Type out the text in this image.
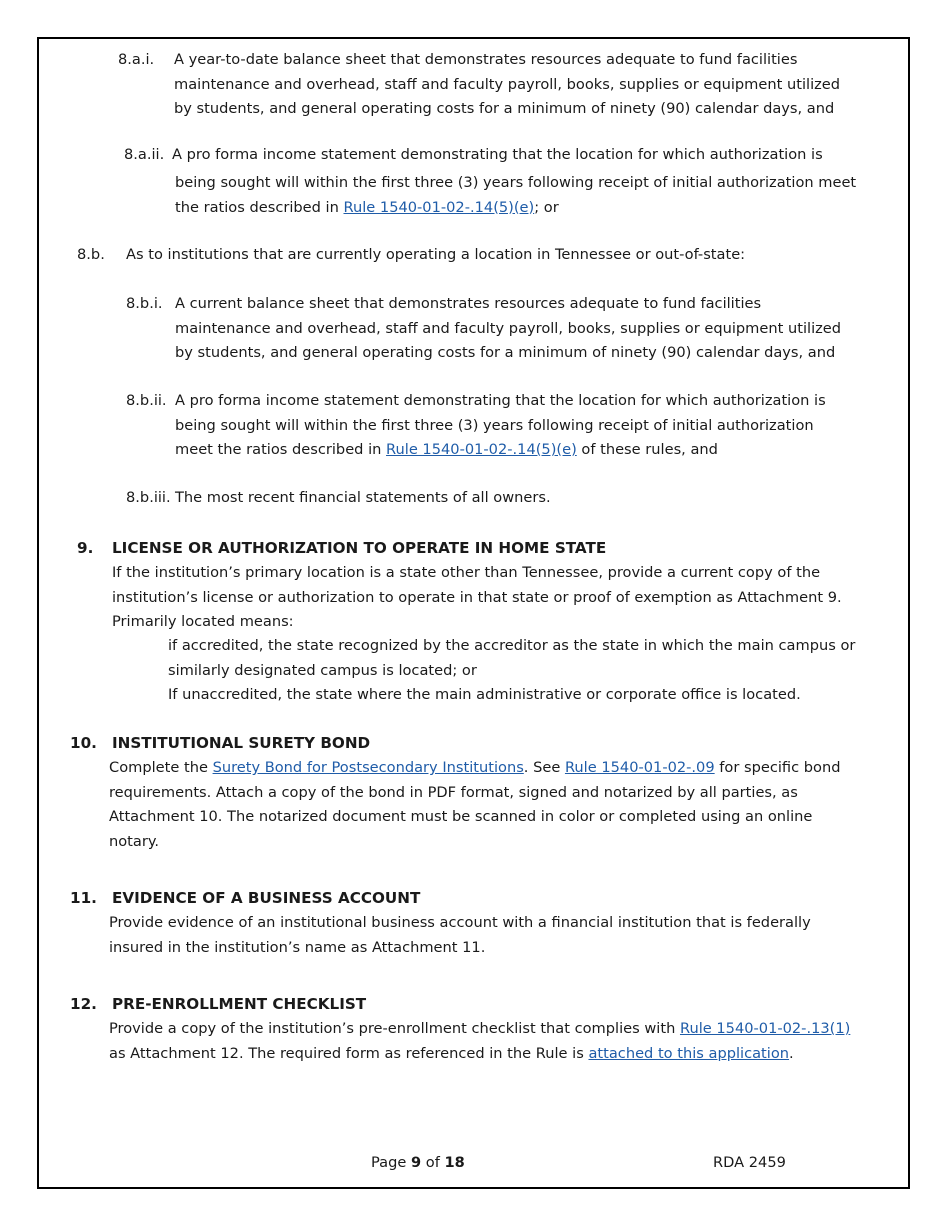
8.a.i. A year-to-date balance sheet that demonstrates resources adequate to fund facilities
maintenance and overhead, staff and faculty payroll, books, supplies or equipment utilized
by students, and general operating costs for a minimum of ninety (90) calendar days, and
8.a.ii. A pro forma income statement demonstrating that the location for which authorization is
being sought will within the first three (3) years following receipt of initial authorization meet
the ratios described in Rule 1540-01-02-.14(5)(e); or
8.b. As to institutions that are currently operating a location in Tennessee or out-of-state:
8.b.i. A current balance sheet that demonstrates resources adequate to fund facilities
maintenance and overhead, staff and faculty payroll, books, supplies or equipment utilized
by students, and general operating costs for a minimum of ninety (90) calendar days, and
8.b.ii. A pro forma income statement demonstrating that the location for which authorization is
being sought will within the first three (3) years following receipt of initial authorization
meet the ratios described in Rule 1540-01-02-.14(5)(e) of these rules, and
8.b.iii. The most recent financial statements of all owners.
9. LICENSE OR AUTHORIZATION TO OPERATE IN HOME STATE
If the institution’s primary location is a state other than Tennessee, provide a current copy of the
institution’s license or authorization to operate in that state or proof of exemption as Attachment 9.
Primarily located means:
if accredited, the state recognized by the accreditor as the state in which the main campus or
similarly designated campus is located; or
If unaccredited, the state where the main administrative or corporate office is located.
10. INSTITUTIONAL SURETY BOND
Complete the Surety Bond for Postsecondary Institutions. See Rule 1540-01-02-.09 for specific bond
requirements. Attach a copy of the bond in PDF format, signed and notarized by all parties, as
Attachment 10. The notarized document must be scanned in color or completed using an online
notary.
11. EVIDENCE OF A BUSINESS ACCOUNT
Provide evidence of an institutional business account with a financial institution that is federally
insured in the institution’s name as Attachment 11.
12. PRE-ENROLLMENT CHECKLIST
Provide a copy of the institution’s pre-enrollment checklist that complies with Rule 1540-01-02-.13(1)
as Attachment 12. The required form as referenced in the Rule is attached to this application.
Page 9 of 18	RDA 2459
